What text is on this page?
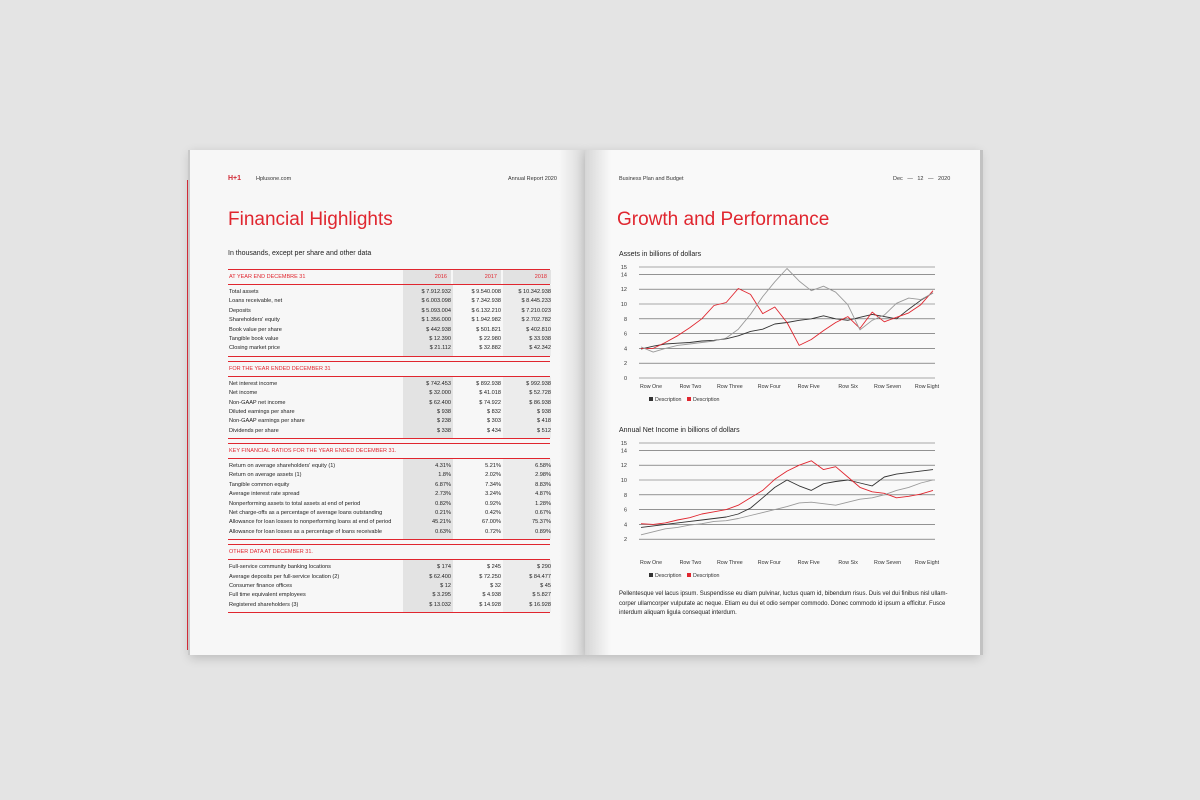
H+1	Hplusone.com	Annual Report 2020
Financial Highlights
In thousands, except per share and other data
AT YEAR END DECEMBRE 31	2016	2017	2018
Total assets	$ 7.912.932	$ 9.540.008	$ 10.342.938
Loans receivable, net	$ 6.003.098	$ 7.342.938	$ 8.445.233
Deposits	$ 5.093.004	$ 6.132.210	$ 7.210.023
Shareholders' equity	$ 1.356.000	$ 1.942.982	$ 2.702.782
Book value per share	$ 442.938	$ 501.821	$ 402.810
Tangible book value	$ 12.390	$ 22.980	$ 33.938
Closing market price	$ 21.112	$ 32.882	$ 42.342
FOR THE YEAR ENDED DECEMBER 31
Net interest income	$ 742.453	$ 892.938	$ 992.938
Net income	$ 32.000	$ 41.018	$ 52.728
Non-GAAP net income	$ 62.400	$ 74.922	$ 86.938
Diluted earnings per share	$ 938	$ 832	$ 938
Non-GAAP earnings per share	$ 238	$ 303	$ 418
Dividends per share	$ 338	$ 434	$ 512
KEY FINANCIAL RATIOS FOR THE YEAR ENDED DECEMBER 31.
Return on average shareholders' equity (1)	4.31%	5.21%	6.58%
Return on average assets (1)	1.8%	2.02%	2.98%
Tangible common equity	6.87%	7.34%	8.83%
Average interest rate spread	2.73%	3.24%	4.87%
Nonperforming assets to total assets at end of period	0.82%	0.92%	1.28%
Net charge-offs as a percentage of average loans outstanding	0.21%	0.42%	0.67%
Allowance for loan losses to nonperforming loans at end of period	45.21%	67.00%	75.37%
Allowance for loan losses as a percentage of loans receivable	0.63%	0.72%	0.89%
OTHER DATA AT DECEMBER 31.
Full-service community banking locations	$ 174	$ 245	$ 290
Average deposits per full-service location (2)	$ 62.400	$ 72.250	$ 84.477
Consumer finance offices	$ 12	$ 32	$ 45
Full time equivalent employees	$ 3.295	$ 4.938	$ 5.827
Registered shareholders (3)	$ 13.032	$ 14.928	$ 16.928
Business Plan and Budget	Dec — 12 — 2020
Growth and Performance
Assets in billions of dollars
0
2
4
6
8
10
12
14
15
Row One	Row Two	Row Three	Row Four	Row Five	Row Six	Row Seven	Row Eight
Description Description
Annual Net Income in billions of dollars
2
4
6
8
10
12
14
15
Row One	Row Two	Row Three	Row Four	Row Five	Row Six	Row Seven	Row Eight
Description Description
Pellentesque vel lacus ipsum. Suspendisse eu diam pulvinar, luctus quam id, bibendum risus. Duis vel dui finibus nisl ullam-corper ullamcorper vulputate ac neque. Etiam eu dui et odio semper commodo. Donec commodo id ipsum a efficitur. Fusce interdum aliquam ligula consequat interdum.
